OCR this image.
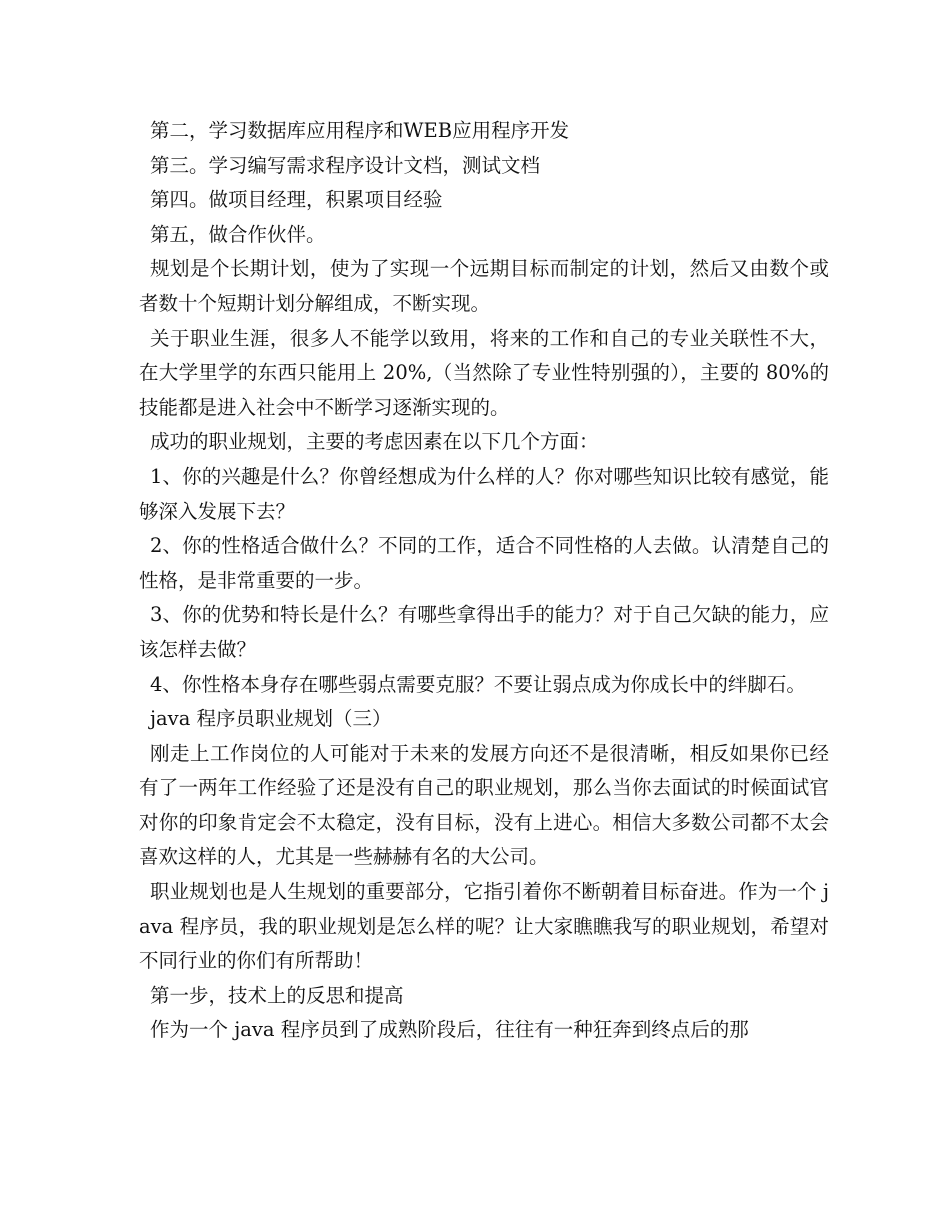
第二，学习数据库应用程序和WEB应用程序开发

第三。学习编写需求程序设计文档，测试文档

第四。做项目经理，积累项目经验

第五，做合作伙伴。

规划是个长期计划，使为了实现一个远期目标而制定的计划，然后又由数个或者数十个短期计划分解组成，不断实现。

关于职业生涯，很多人不能学以致用，将来的工作和自己的专业关联性不大，在大学里学的东西只能用上 20%,（当然除了专业性特别强的），主要的 80%的技能都是进入社会中不断学习逐渐实现的。

成功的职业规划，主要的考虑因素在以下几个方面：

1、你的兴趣是什么？你曾经想成为什么样的人？你对哪些知识比较有感觉，能够深入发展下去？

2、你的性格适合做什么？不同的工作，适合不同性格的人去做。认清楚自己的性格，是非常重要的一步。

3、你的优势和特长是什么？有哪些拿得出手的能力？对于自己欠缺的能力，应该怎样去做？

4、你性格本身存在哪些弱点需要克服？不要让弱点成为你成长中的绊脚石。

java 程序员职业规划（三）

刚走上工作岗位的人可能对于未来的发展方向还不是很清晰，相反如果你已经有了一两年工作经验了还是没有自己的职业规划，那么当你去面试的时候面试官对你的印象肯定会不太稳定，没有目标，没有上进心。相信大多数公司都不太会喜欢这样的人，尤其是一些赫赫有名的大公司。

职业规划也是人生规划的重要部分，它指引着你不断朝着目标奋进。作为一个 java 程序员，我的职业规划是怎么样的呢？让大家瞧瞧我写的职业规划，希望对不同行业的你们有所帮助！

第一步，技术上的反思和提高

作为一个 java 程序员到了成熟阶段后，往往有一种狂奔到终点后的那
